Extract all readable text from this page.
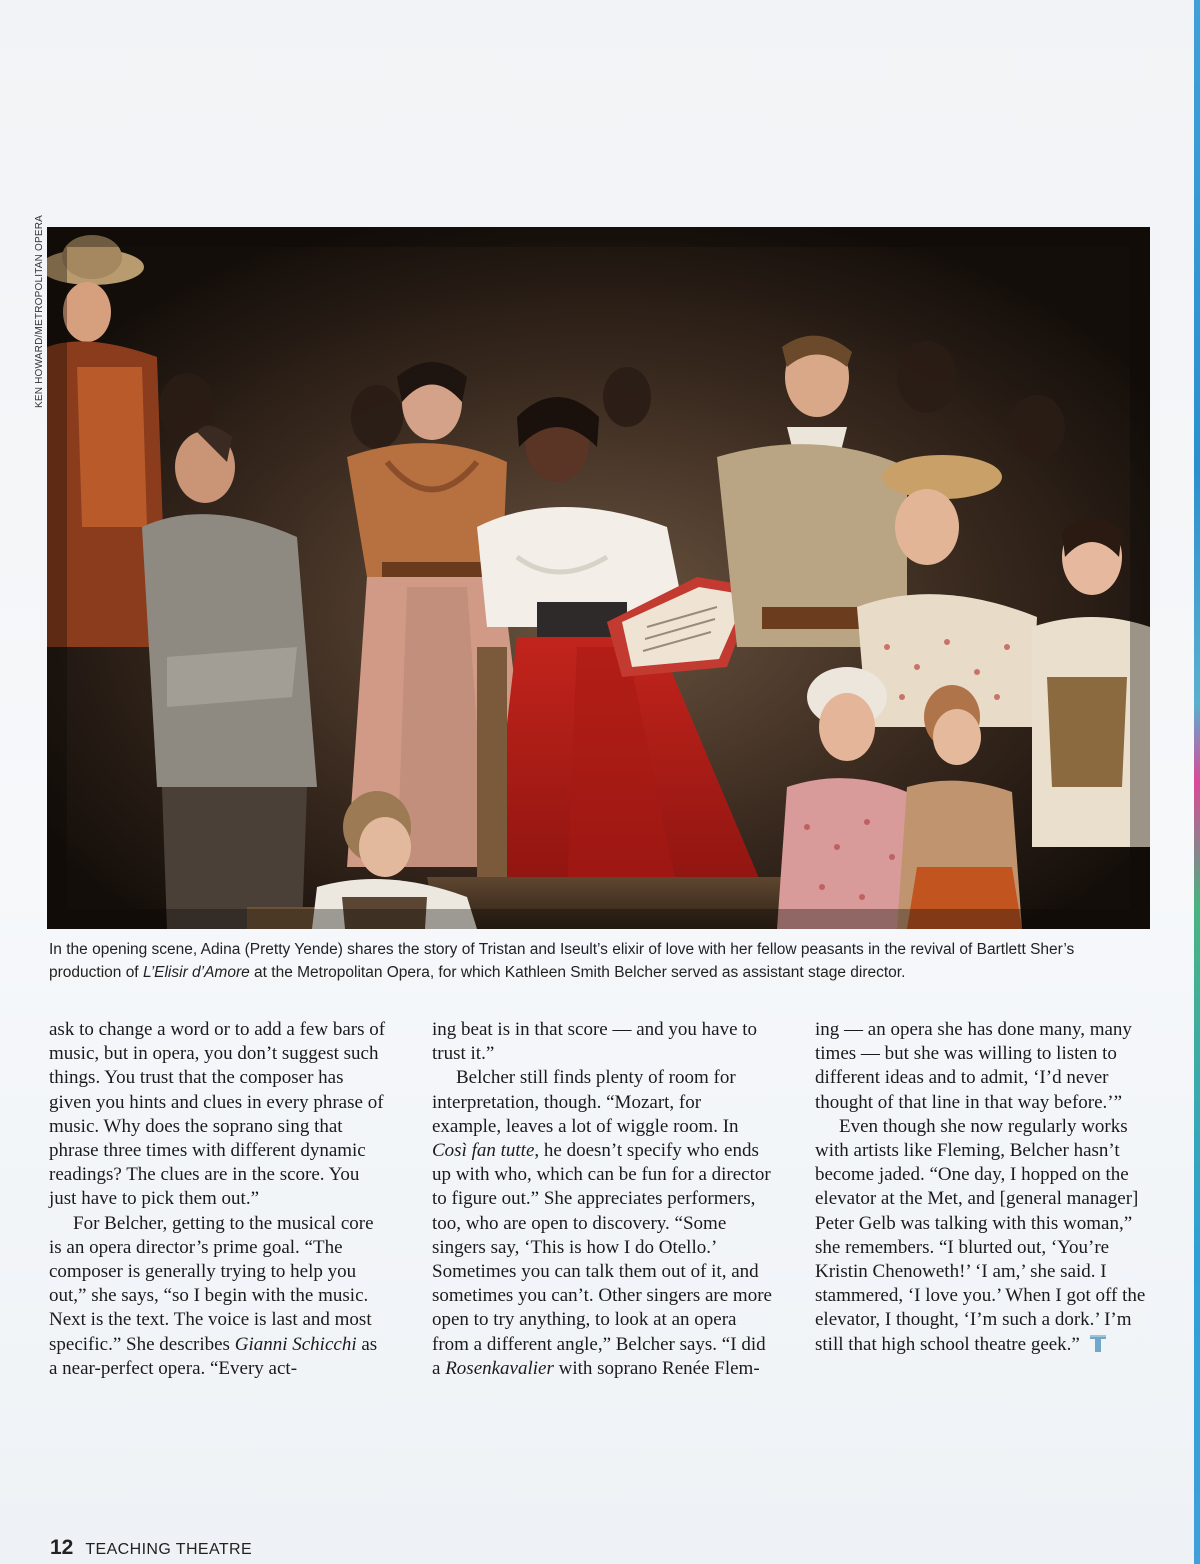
KEN HOWARD/METROPOLITAN OPERA

In the opening scene, Adina (Pretty Yende) shares the story of Tristan and Iseult’s elixir of love with her fellow peasants in the revival of Bartlett Sher’s production of L’Elisir d’Amore at the Metropolitan Opera, for which Kathleen Smith Belcher served as assistant stage director.

ask to change a word or to add a few bars of music, but in opera, you don’t suggest such things. You trust that the composer has given you hints and clues in every phrase of music. Why does the soprano sing that phrase three times with different dynamic readings? The clues are in the score. You just have to pick them out.”

For Belcher, getting to the musical core is an opera director’s prime goal. “The composer is generally trying to help you out,” she says, “so I begin with the music. Next is the text. The voice is last and most specific.” She describes Gianni Schicchi as a near-perfect opera. “Every act-

ing beat is in that score — and you have to trust it.”

Belcher still finds plenty of room for interpretation, though. “Mozart, for example, leaves a lot of wiggle room. In Così fan tutte, he doesn’t specify who ends up with who, which can be fun for a director to figure out.” She appreciates performers, too, who are open to discovery. “Some singers say, ‘This is how I do Otello.’ Sometimes you can talk them out of it, and sometimes you can’t. Other singers are more open to try anything, to look at an opera from a different angle,” Belcher says. “I did a Rosenkavalier with soprano Renée Flem-

ing — an opera she has done many, many times — but she was willing to listen to different ideas and to admit, ‘I’d never thought of that line in that way before.’”

Even though she now regularly works with artists like Fleming, Belcher hasn’t become jaded. “One day, I hopped on the elevator at the Met, and [general manager] Peter Gelb was talking with this woman,” she remembers. “I blurted out, ‘You’re Kristin Chenoweth!’ ‘I am,’ she said. I stammered, ‘I love you.’ When I got off the elevator, I thought, ‘I’m such a dork.’ I’m still that high school theatre geek.”

12 TEACHING THEATRE
